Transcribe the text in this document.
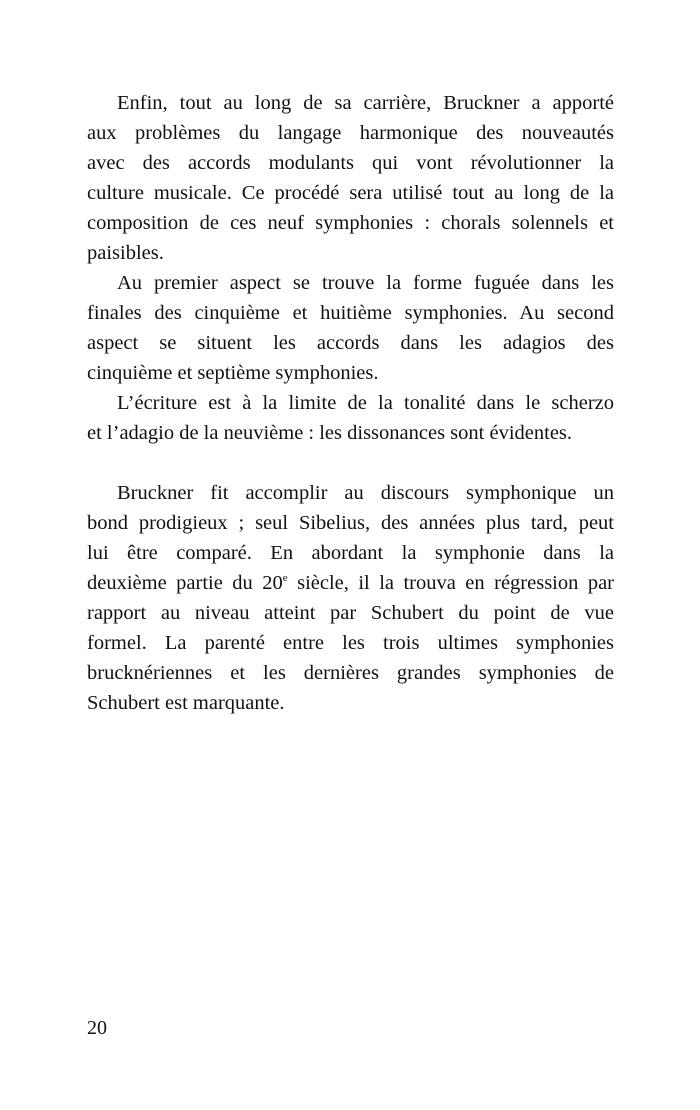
Enfin, tout au long de sa carrière, Bruckner a apporté
aux problèmes du langage harmonique des nouveautés
avec des accords modulants qui vont révolutionner la
culture musicale. Ce procédé sera utilisé tout au long de la
composition de ces neuf symphonies : chorals solennels et
paisibles.
Au premier aspect se trouve la forme fuguée dans les
finales des cinquième et huitième symphonies. Au second
aspect se situent les accords dans les adagios des
cinquième et septième symphonies.
L’écriture est à la limite de la tonalité dans le scherzo
et l’adagio de la neuvième : les dissonances sont évidentes.
Bruckner fit accomplir au discours symphonique un
bond prodigieux ; seul Sibelius, des années plus tard, peut
lui être comparé. En abordant la symphonie dans la
deuxième partie du 20e siècle, il la trouva en régression par
rapport au niveau atteint par Schubert du point de vue
formel. La parenté entre les trois ultimes symphonies
brucknériennes et les dernières grandes symphonies de
Schubert est marquante.
20
